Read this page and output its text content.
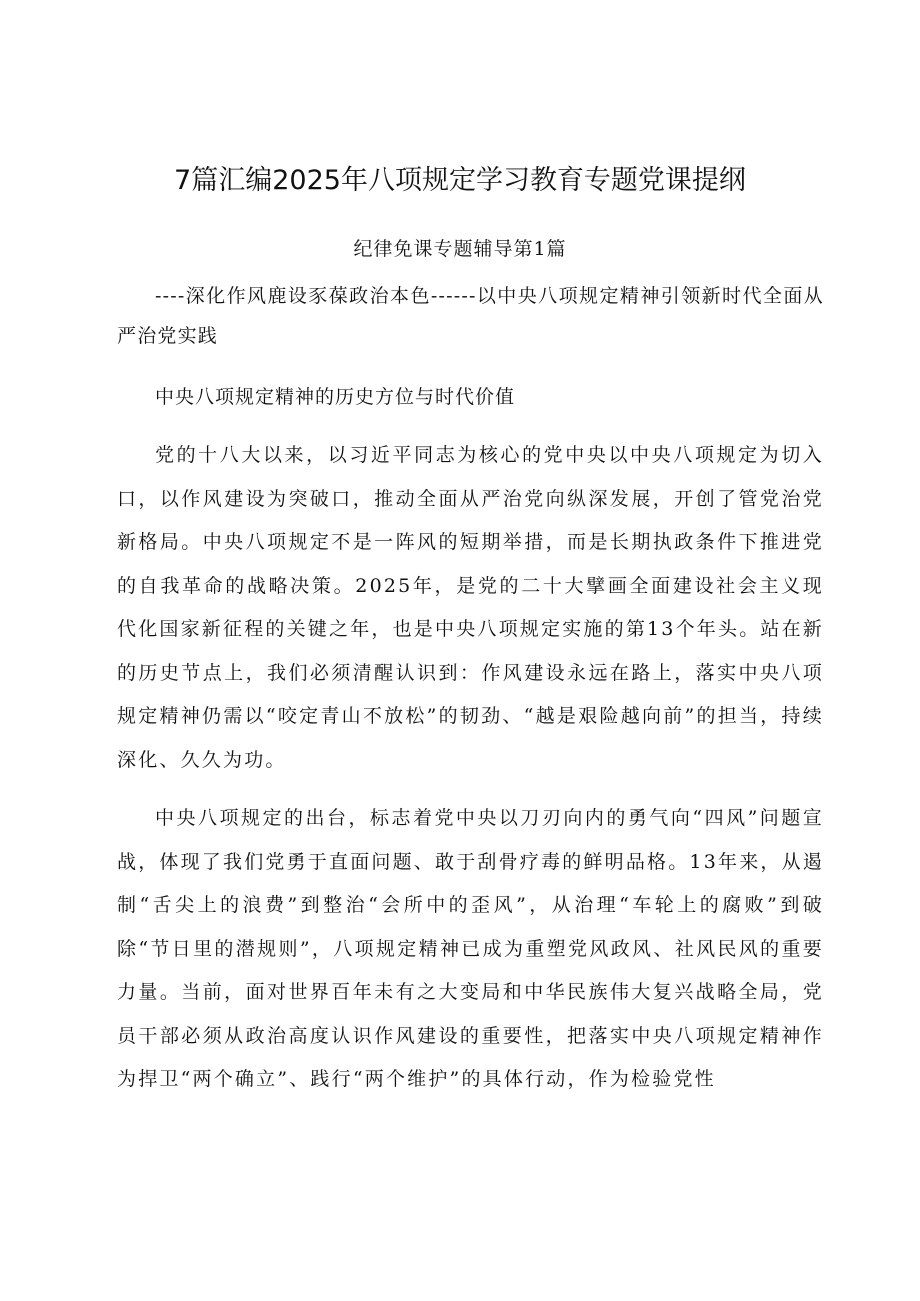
7篇汇编2025年八项规定学习教育专题党课提纲
纪律免课专题辅导第1篇

----深化作风鹿设豕葆政治本色------以中央八项规定精神引领新时代全面从严治党实践

中央八项规定精神的历史方位与时代价值

党的十八大以来，以习近平同志为核心的党中央以中央八项规定为切入口，以作风建设为突破口，推动全面从严治党向纵深发展，开创了管党治党新格局。中央八项规定不是一阵风的短期举措，而是长期执政条件下推进党的自我革命的战略决策。2025年，是党的二十大擘画全面建设社会主义现代化国家新征程的关键之年，也是中央八项规定实施的第13个年头。站在新的历史节点上，我们必须清醒认识到：作风建设永远在路上，落实中央八项规定精神仍需以“咬定青山不放松”的韧劲、“越是艰险越向前”的担当，持续深化、久久为功。

中央八项规定的出台，标志着党中央以刀刃向内的勇气向“四风”问题宣战，体现了我们党勇于直面问题、敢于刮骨疗毒的鲜明品格。13年来，从遏制“舌尖上的浪费”到整治“会所中的歪风”，从治理“车轮上的腐败”到破除“节日里的潜规则”，八项规定精神已成为重塑党风政风、社风民风的重要力量。当前，面对世界百年未有之大变局和中华民族伟大复兴战略全局，党员干部必须从政治高度认识作风建设的重要性，把落实中央八项规定精神作为捍卫“两个确立”、践行“两个维护”的具体行动，作为检验党性
